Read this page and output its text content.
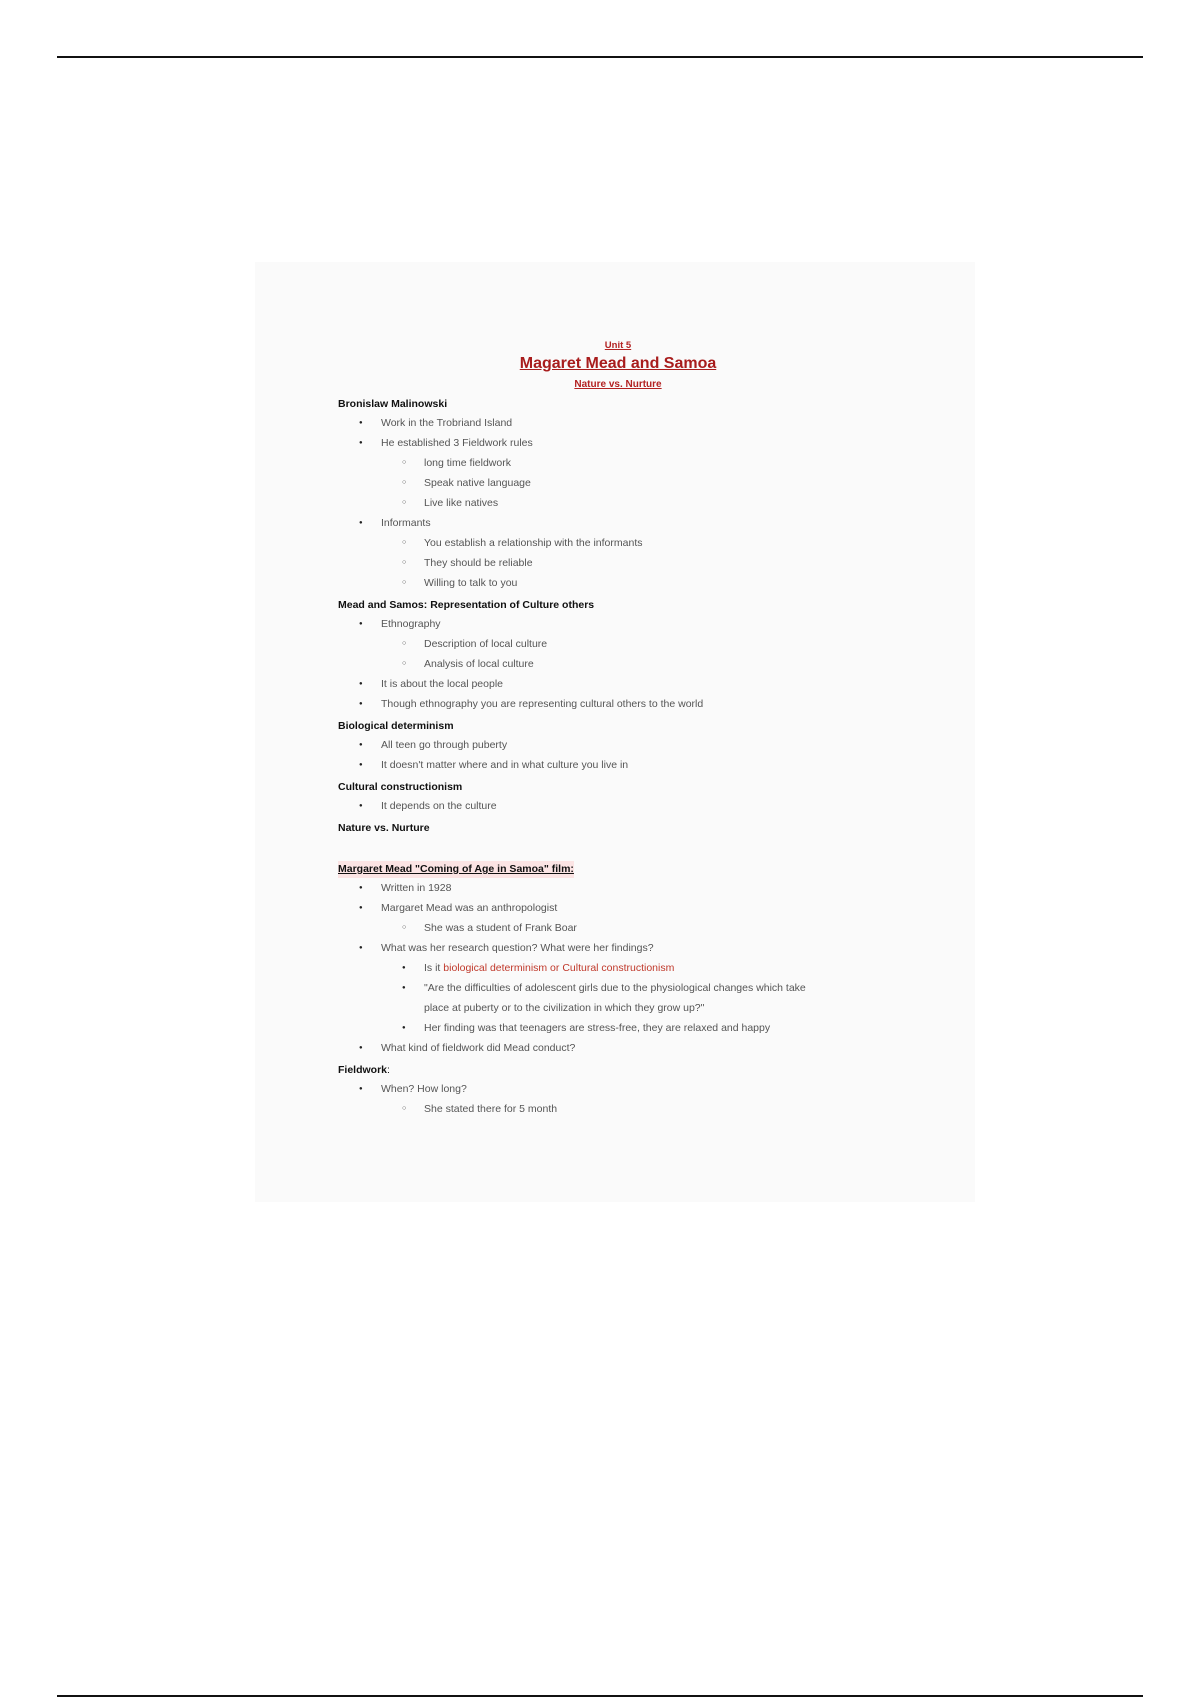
Unit 5
Magaret Mead and Samoa
Nature vs. Nurture
Bronislaw Malinowski
● Work in the Trobriand Island
● He established 3 Fieldwork rules
○ long time fieldwork
○ Speak native language
○ Live like natives
● Informants
○ You establish a relationship with the informants
○ They should be reliable
○ Willing to talk to you
Mead and Samos: Representation of Culture others
● Ethnography
○ Description of local culture
○ Analysis of local culture
● It is about the local people
● Though ethnography you are representing cultural others to the world
Biological determinism
● All teen go through puberty
● It doesn't matter where and in what culture you live in
Cultural constructionism
● It depends on the culture
Nature vs. Nurture
Margaret Mead "Coming of Age in Samoa" film:
● Written in 1928
● Margaret Mead was an anthropologist
○ She was a student of Frank Boar
● What was her research question? What were her findings?
● Is it biological determinism or Cultural constructionism
● "Are the difficulties of adolescent girls due to the physiological changes which take
place at puberty or to the civilization in which they grow up?"
● Her finding was that teenagers are stress-free, they are relaxed and happy
● What kind of fieldwork did Mead conduct?
Fieldwork:
● When? How long?
○ She stated there for 5 month
